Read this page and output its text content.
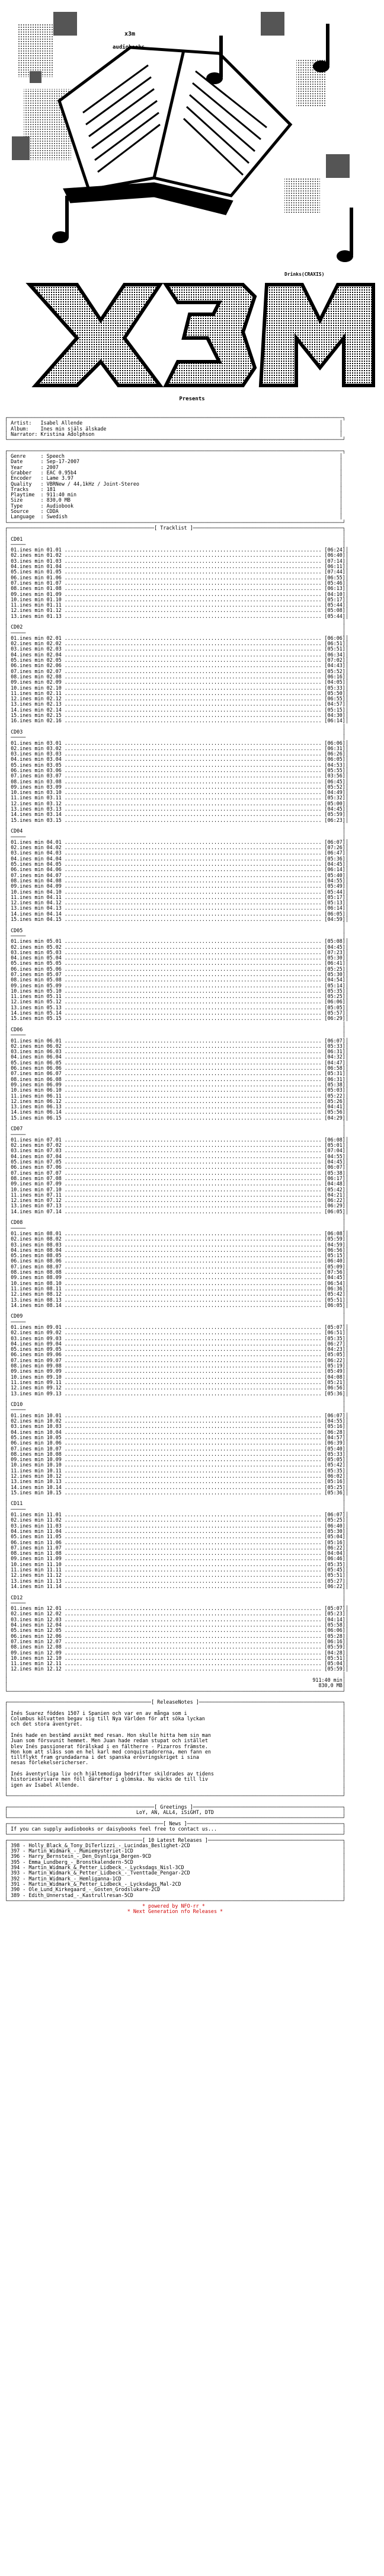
x3m
audiobooks
Drinks(CRAXIS)
Presents
┌────────────────────────────────────────────────────────────────────────────────────────────────────────────────┐
│ Artist:   Isabel Allende                                                                                      │
│ Album:    Ines min själs älskade                                                                              │
│ Narrator: Kristina Adolphson                                                                                  │
└────────────────────────────────────────────────────────────────────────────────────────────────────────────────┘

┌────────────────────────────────────────────────────────────────────────────────────────────────────────────────┐
│ Genre     : Speech                                                                                            │
│ Date      : Sep-17-2007                                                                                       │
│ Year      : 2007                                                                                              │
│ Grabber   : EAC 0.95b4                                                                                        │
│ Encoder   : Lame 3.97                                                                                         │
│ Quality   : VBRNew / 44,1kHz / Joint-Stereo                                                                   │
│ Tracks    : 181                                                                                               │
│ Playtime  : 911:40 min                                                                                        │
│ Size      : 830,0 MB                                                                                          │
│ Type      : Audiobook                                                                                         │
│ Source    : CDDA                                                                                              │
│ Language  : Swedish                                                                                           │
└────────────────────────────────────────────────────────────────────────────────────────────────────────────────┘
┌─────────────────────────────────────────────────[ Tracklist ]──────────────────────────────────────────────────┐
│                                                                                                                │
│ CD01                                                                                                           │
│ ─────                                                                                                          │
│ 01.ines min 01.01 ...................................................................................... [06:24]│
│ 02.ines min 01.02 ...................................................................................... [06:40]│
│ 03.ines min 01.03 ...................................................................................... [07:14]│
│ 04.ines min 01.04 ...................................................................................... [06:11]│
│ 05.ines min 01.05 ...................................................................................... [07:44]│
│ 06.ines min 01.06 ...................................................................................... [06:55]│
│ 07.ines min 01.07 ...................................................................................... [05:46]│
│ 08.ines min 01.08 ...................................................................................... [06:13]│
│ 09.ines min 01.09 ...................................................................................... [04:10]│
│ 10.ines min 01.10 ...................................................................................... [05:17]│
│ 11.ines min 01.11 ...................................................................................... [05:44]│
│ 12.ines min 01.12 ...................................................................................... [05:08]│
│ 13.ines min 01.13 ...................................................................................... [05:44]│
│                                                                                                                │
│ CD02                                                                                                           │
│ ─────                                                                                                          │
│ 01.ines min 02.01 ...................................................................................... [06:06]│
│ 02.ines min 02.02 ...................................................................................... [06:51]│
│ 03.ines min 02.03 ...................................................................................... [05:51]│
│ 04.ines min 02.04 ...................................................................................... [06:34]│
│ 05.ines min 02.05 ...................................................................................... [07:02]│
│ 06.ines min 02.06 ...................................................................................... [04:43]│
│ 07.ines min 02.07 ...................................................................................... [05:52]│
│ 08.ines min 02.08 ...................................................................................... [06:16]│
│ 09.ines min 02.09 ...................................................................................... [04:05]│
│ 10.ines min 02.10 ...................................................................................... [05:33]│
│ 11.ines min 02.11 ...................................................................................... [05:50]│
│ 12.ines min 02.12 ...................................................................................... [06:55]│
│ 13.ines min 02.13 ...................................................................................... [04:57]│
│ 14.ines min 02.14 ...................................................................................... [05:15]│
│ 15.ines min 02.15 ...................................................................................... [04:30]│
│ 16.ines min 02.16 ...................................................................................... [06:14]│
│                                                                                                                │
│ CD03                                                                                                           │
│ ─────                                                                                                          │
│ 01.ines min 03.01 ...................................................................................... [06:06]│
│ 02.ines min 03.02 ...................................................................................... [06:31]│
│ 03.ines min 03.03 ...................................................................................... [06:26]│
│ 04.ines min 03.04 ...................................................................................... [06:05]│
│ 05.ines min 03.05 ...................................................................................... [04:53]│
│ 06.ines min 03.06 ...................................................................................... [05:55]│
│ 07.ines min 03.07 ...................................................................................... [03:56]│
│ 08.ines min 03.08 ...................................................................................... [06:45]│
│ 09.ines min 03.09 ...................................................................................... [05:52]│
│ 10.ines min 03.10 ...................................................................................... [04:49]│
│ 11.ines min 03.11 ...................................................................................... [05:32]│
│ 12.ines min 03.12 ...................................................................................... [05:00]│
│ 13.ines min 03.13 ...................................................................................... [04:45]│
│ 14.ines min 03.14 ...................................................................................... [05:59]│
│ 15.ines min 03.15 ...................................................................................... [06:23]│
│                                                                                                                │
│ CD04                                                                                                           │
│ ─────                                                                                                          │
│ 01.ines min 04.01 ...................................................................................... [06:07]│
│ 02.ines min 04.02 ...................................................................................... [07:26]│
│ 03.ines min 04.03 ...................................................................................... [06:47]│
│ 04.ines min 04.04 ...................................................................................... [05:36]│
│ 05.ines min 04.05 ...................................................................................... [04:45]│
│ 06.ines min 04.06 ...................................................................................... [06:14]│
│ 07.ines min 04.07 ...................................................................................... [05:40]│
│ 08.ines min 04.08 ...................................................................................... [04:55]│
│ 09.ines min 04.09 ...................................................................................... [05:49]│
│ 10.ines min 04.10 ...................................................................................... [05:44]│
│ 11.ines min 04.11 ...................................................................................... [05:17]│
│ 12.ines min 04.12 ...................................................................................... [05:13]│
│ 13.ines min 04.13 ...................................................................................... [06:14]│
│ 14.ines min 04.14 ...................................................................................... [06:05]│
│ 15.ines min 04.15 ...................................................................................... [04:59]│
│                                                                                                                │
│ CD05                                                                                                           │
│ ─────                                                                                                          │
│ 01.ines min 05.01 ...................................................................................... [05:08]│
│ 02.ines min 05.02 ...................................................................................... [04:45]│
│ 03.ines min 05.03 ...................................................................................... [07:23]│
│ 04.ines min 05.04 ...................................................................................... [05:30]│
│ 05.ines min 05.05 ...................................................................................... [06:41]│
│ 06.ines min 05.06 ...................................................................................... [05:25]│
│ 07.ines min 05.07 ...................................................................................... [05:30]│
│ 08.ines min 05.08 ...................................................................................... [04:54]│
│ 09.ines min 05.09 ...................................................................................... [05:14]│
│ 10.ines min 05.10 ...................................................................................... [05:35]│
│ 11.ines min 05.11 ...................................................................................... [05:25]│
│ 12.ines min 05.12 ...................................................................................... [06:06]│
│ 13.ines min 05.13 ...................................................................................... [05:05]│
│ 14.ines min 05.14 ...................................................................................... [05:57]│
│ 15.ines min 05.15 ...................................................................................... [06:29]│
│                                                                                                                │
│ CD06                                                                                                           │
│ ─────                                                                                                          │
│ 01.ines min 06.01 ...................................................................................... [06:07]│
│ 02.ines min 06.02 ...................................................................................... [05:33]│
│ 03.ines min 06.03 ...................................................................................... [06:31]│
│ 04.ines min 06.04 ...................................................................................... [04:32]│
│ 05.ines min 06.05 ...................................................................................... [04:47]│
│ 06.ines min 06.06 ...................................................................................... [06:58]│
│ 07.ines min 06.07 ...................................................................................... [05:31]│
│ 08.ines min 06.08 ...................................................................................... [06:31]│
│ 09.ines min 06.09 ...................................................................................... [05:38]│
│ 10.ines min 06.10 ...................................................................................... [05:03]│
│ 11.ines min 06.11 ...................................................................................... [05:22]│
│ 12.ines min 06.12 ...................................................................................... [05:26]│
│ 13.ines min 06.13 ...................................................................................... [04:41]│
│ 14.ines min 06.14 ...................................................................................... [05:56]│
│ 15.ines min 06.15 ...................................................................................... [04:29]│
│                                                                                                                │
│ CD07                                                                                                           │
│ ─────                                                                                                          │
│ 01.ines min 07.01 ...................................................................................... [06:08]│
│ 02.ines min 07.02 ...................................................................................... [05:01]│
│ 03.ines min 07.03 ...................................................................................... [07:04]│
│ 04.ines min 07.04 ...................................................................................... [04:55]│
│ 05.ines min 07.05 ...................................................................................... [04:45]│
│ 06.ines min 07.06 ...................................................................................... [06:07]│
│ 07.ines min 07.07 ...................................................................................... [05:38]│
│ 08.ines min 07.08 ...................................................................................... [06:17]│
│ 09.ines min 07.09 ...................................................................................... [04:48]│
│ 10.ines min 07.10 ...................................................................................... [05:42]│
│ 11.ines min 07.11 ...................................................................................... [04:21]│
│ 12.ines min 07.12 ...................................................................................... [06:22]│
│ 13.ines min 07.13 ...................................................................................... [06:29]│
│ 14.ines min 07.14 ...................................................................................... [06:05]│
│                                                                                                                │
│ CD08                                                                                                           │
│ ─────                                                                                                          │
│ 01.ines min 08.01 ...................................................................................... [06:08]│
│ 02.ines min 08.02 ...................................................................................... [05:59]│
│ 03.ines min 08.03 ...................................................................................... [04:59]│
│ 04.ines min 08.04 ...................................................................................... [06:56]│
│ 05.ines min 08.05 ...................................................................................... [05:15]│
│ 06.ines min 08.06 ...................................................................................... [06:40]│
│ 07.ines min 08.07 ...................................................................................... [05:09]│
│ 08.ines min 08.08 ...................................................................................... [07:56]│
│ 09.ines min 08.09 ...................................................................................... [04:45]│
│ 10.ines min 08.10 ...................................................................................... [06:54]│
│ 11.ines min 08.11 ...................................................................................... [06:36]│
│ 12.ines min 08.12 ...................................................................................... [05:42]│
│ 13.ines min 08.13 ...................................................................................... [05:51]│
│ 14.ines min 08.14 ...................................................................................... [06:05]│
│                                                                                                                │
│ CD09                                                                                                           │
│ ─────                                                                                                          │
│ 01.ines min 09.01 ...................................................................................... [05:07]│
│ 02.ines min 09.02 ...................................................................................... [06:51]│
│ 03.ines min 09.03 ...................................................................................... [05:35]│
│ 04.ines min 09.04 ...................................................................................... [06:27]│
│ 05.ines min 09.05 ...................................................................................... [04:23]│
│ 06.ines min 09.06 ...................................................................................... [05:05]│
│ 07.ines min 09.07 ...................................................................................... [06:22]│
│ 08.ines min 09.08 ...................................................................................... [05:19]│
│ 09.ines min 09.09 ...................................................................................... [05:49]│
│ 10.ines min 09.10 ...................................................................................... [04:08]│
│ 11.ines min 09.11 ...................................................................................... [05:21]│
│ 12.ines min 09.12 ...................................................................................... [06:56]│
│ 13.ines min 09.13 ...................................................................................... [05:36]│
│                                                                                                                │
│ CD10                                                                                                           │
│ ─────                                                                                                          │
│ 01.ines min 10.01 ...................................................................................... [06:07]│
│ 02.ines min 10.02 ...................................................................................... [04:55]│
│ 03.ines min 10.03 ...................................................................................... [05:16]│
│ 04.ines min 10.04 ...................................................................................... [06:28]│
│ 05.ines min 10.05 ...................................................................................... [04:57]│
│ 06.ines min 10.06 ...................................................................................... [06:39]│
│ 07.ines min 10.07 ...................................................................................... [05:40]│
│ 08.ines min 10.08 ...................................................................................... [05:33]│
│ 09.ines min 10.09 ...................................................................................... [05:05]│
│ 10.ines min 10.10 ...................................................................................... [05:42]│
│ 11.ines min 10.11 ...................................................................................... [05:35]│
│ 12.ines min 10.12 ...................................................................................... [06:02]│
│ 13.ines min 10.13 ...................................................................................... [05:16]│
│ 14.ines min 10.14 ...................................................................................... [05:25]│
│ 15.ines min 10.15 ...................................................................................... [05:36]│
│                                                                                                                │
│ CD11                                                                                                           │
│ ─────                                                                                                          │
│ 01.ines min 11.01 ...................................................................................... [06:07]│
│ 02.ines min 11.02 ...................................................................................... [05:25]│
│ 03.ines min 11.03 ...................................................................................... [06:40]│
│ 04.ines min 11.04 ...................................................................................... [05:30]│
│ 05.ines min 11.05 ...................................................................................... [05:04]│
│ 06.ines min 11.06 ...................................................................................... [05:16]│
│ 07.ines min 11.07 ...................................................................................... [06:22]│
│ 08.ines min 11.08 ...................................................................................... [04:04]│
│ 09.ines min 11.09 ...................................................................................... [06:46]│
│ 10.ines min 11.10 ...................................................................................... [05:35]│
│ 11.ines min 11.11 ...................................................................................... [05:45]│
│ 12.ines min 11.12 ...................................................................................... [05:51]│
│ 13.ines min 11.13 ...................................................................................... [05:27]│
│ 14.ines min 11.14 ...................................................................................... [06:22]│
│                                                                                                                │
│ CD12                                                                                                           │
│ ─────                                                                                                          │
│ 01.ines min 12.01 ...................................................................................... [05:07]│
│ 02.ines min 12.02 ...................................................................................... [05:23]│
│ 03.ines min 12.03 ...................................................................................... [04:14]│
│ 04.ines min 12.04 ...................................................................................... [05:58]│
│ 05.ines min 12.05 ...................................................................................... [06:06]│
│ 06.ines min 12.06 ...................................................................................... [05:28]│
│ 07.ines min 12.07 ...................................................................................... [06:16]│
│ 08.ines min 12.08 ...................................................................................... [05:59]│
│ 09.ines min 12.09 ...................................................................................... [04:28]│
│ 10.ines min 12.10 ...................................................................................... [05:51]│
│ 11.ines min 12.11 ...................................................................................... [05:04]│
│ 12.ines min 12.12 ...................................................................................... [05:59]│
│                                                                                                                │
│                                                                                                      911:40 min│
│                                                                                                        830,0 MB│
└────────────────────────────────────────────────────────────────────────────────────────────────────────────────┘

┌────────────────────────────────────────────────[ ReleaseNotes ]────────────────────────────────────────────────┐
│                                                                                                                │
│ Inés Suarez föddes 1507 i Spanien och var en av många som i                                                    │
│ Columbus kölvatten begav sig till Nya Världen för att söka lyckan                                              │
│ och det stora äventyret.                                                                                       │
│	│
│ Inés hade en bestämd avsikt med resan. Hon skulle hitta hem sin man                                            │
│ Juan som försvunit hemmet. Men Juan hade redan stupat och istället                                             │
│ blev Inés passionerat förälskad i en fältherre - Pizarros främste.                                             │
│ Hon kom att slåss som en hel karl med conquistadorerna, men fann en                                            │
│ tillflykt fram grundadarna i det spanska erövringskriget i sina                                                │
│ nesas förlekelsericherser.                                                                                     │
│	│
│ Inés äventyrliga liv och hjältemodiga bedrifter skildrades av tidens                                           │
│ historieskrivare men föll därefter i glömska. Nu väcks de till liv                                             │
│ igen av Isabel Allende.                                                                                        │
│                                                                                                                │
└────────────────────────────────────────────────────────────────────────────────────────────────────────────────┘

┌─────────────────────────────────────────────────[ Greetings ]──────────────────────────────────────────────────┐
│                                           LoY, AN, ALL4, iSiGHT, DTD                                           │
└────────────────────────────────────────────────────────────────────────────────────────────────────────────────┘
┌────────────────────────────────────────────────────[ News ]────────────────────────────────────────────────────┐
│ If you can supply audiobooks or daisybooks feel free to contact us...                                          │
└────────────────────────────────────────────────────────────────────────────────────────────────────────────────┘
┌─────────────────────────────────────────────[ 10 Latest Releases ]─────────────────────────────────────────────┐
│ 398 - Holly_Black_&_Tony_DiTerlizzi_-_Lucindas_Beslighet-2CD                                                   │
│ 397 - Martin_Widmark_-_Mumiemysteriet-1CD                                                                      │
│ 396 - Harry_Bernstein_-_Den_Osynliga_Bergen-9CD                                                                │
│ 395 - Emma_Lundberg_-_Bronstkalendern-5CD                                                                      │
│ 394 - Martin_Widmark_&_Petter_Lidbeck_-_Lycksdags_Nisl-3CD                                                     │
│ 393 - Martin_Widmark_&_Petter_Lidbeck_-_Tventtade_Pengar-2CD                                                   │
│ 392 - Martin_Widmark_-_Hemliganna-1CD                                                                          │
│ 391 - Martin_Widmark_&_Petter_Lidbeck_-_Lycksdags_Mal-2CD                                                      │
│ 390 - Ole_Lund_Kirkegaard_-_Gosten_Grodslukare-2CD                                                             │
│ 389 - Edith_Unnerstad_-_Kastrullresan-5CD                                                                      │
└────────────────────────────────────────────────────────────────────────────────────────────────────────────────┘
* powered by NFO-rr *
* Next Generation nfo Releases *
